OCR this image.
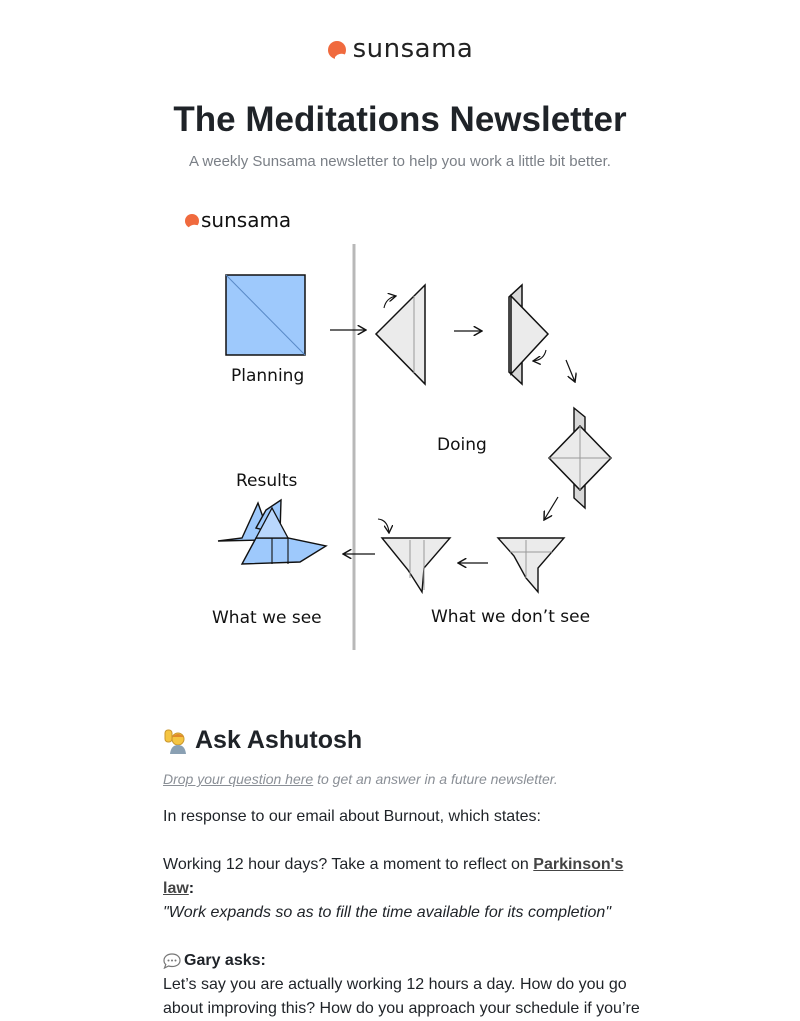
sunsama
The Meditations Newsletter

A weekly Sunsama newsletter to help you work a little bit better.

sunsama
Planning
Doing
Results
What we see	What we don’t see
Ask Ashutosh
Drop your question here to get an answer in a future newsletter.
In response to our email about Burnout, which states:
Working 12 hour days? Take a moment to reflect on Parkinson's law:
"Work expands so as to fill the time available for its completion"
Gary asks:
Let’s say you are actually working 12 hours a day. How do you go about improving this? How do you approach your schedule if you’re
